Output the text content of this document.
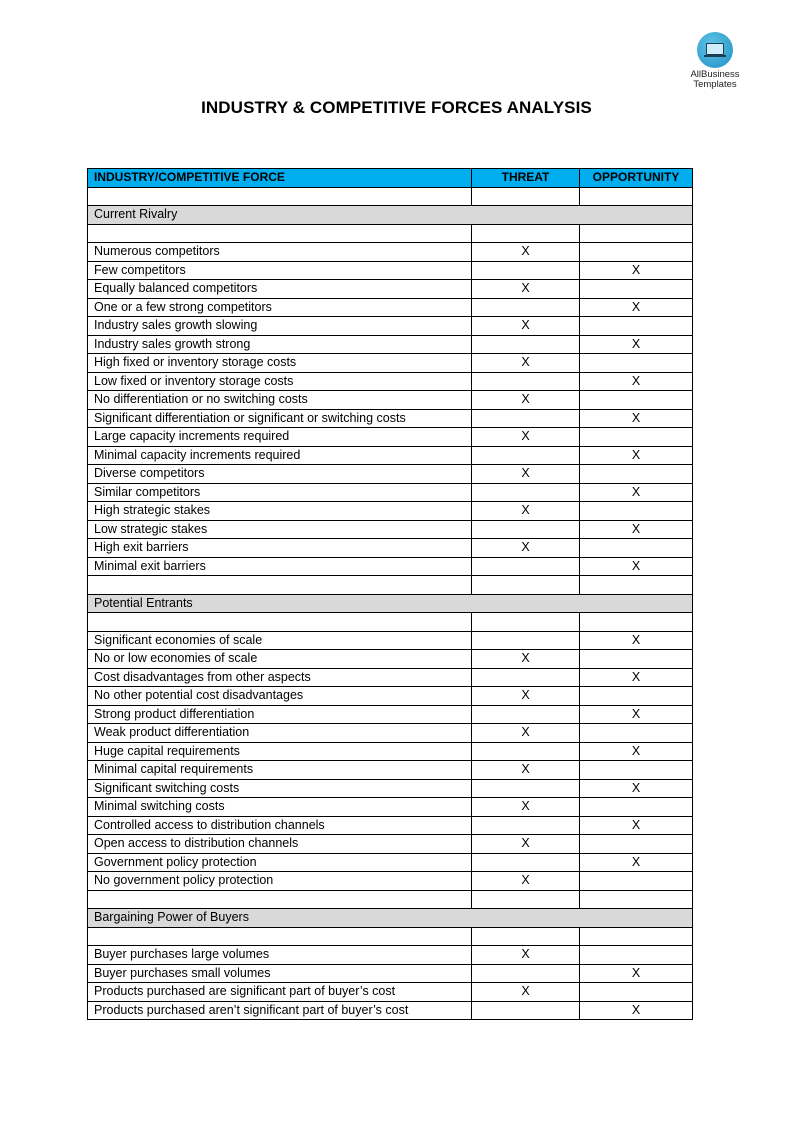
AllBusiness
Templates
INDUSTRY & COMPETITIVE FORCES ANALYSIS
INDUSTRY/COMPETITIVE FORCE	THREAT	OPPORTUNITY

Current Rivalry		

Numerous competitors	X	
Few competitors		X
Equally balanced competitors	X	
One or a few strong competitors		X
Industry sales growth slowing	X	
Industry sales growth strong		X
High fixed or inventory storage costs	X	
Low fixed or inventory storage costs		X
No differentiation or no switching costs	X	
Significant differentiation or significant or switching costs		X
Large capacity increments required	X	
Minimal capacity increments required		X
Diverse competitors	X	
Similar competitors		X
High strategic stakes	X	
Low strategic stakes		X
High exit barriers	X	
Minimal exit barriers		X

Potential Entrants		

Significant economies of scale		X
No or low economies of scale	X	
Cost disadvantages from other aspects		X
No other potential cost disadvantages	X	
Strong product differentiation		X
Weak product differentiation	X	
Huge capital requirements		X
Minimal capital requirements	X	
Significant switching costs		X
Minimal switching costs	X	
Controlled access to distribution channels		X
Open access to distribution channels	X	
Government policy protection		X
No government policy protection	X	

Bargaining Power of Buyers		

Buyer purchases large volumes	X	
Buyer purchases small volumes		X
Products purchased are significant part of buyer’s cost	X	
Products purchased aren’t significant part of buyer’s cost		X
